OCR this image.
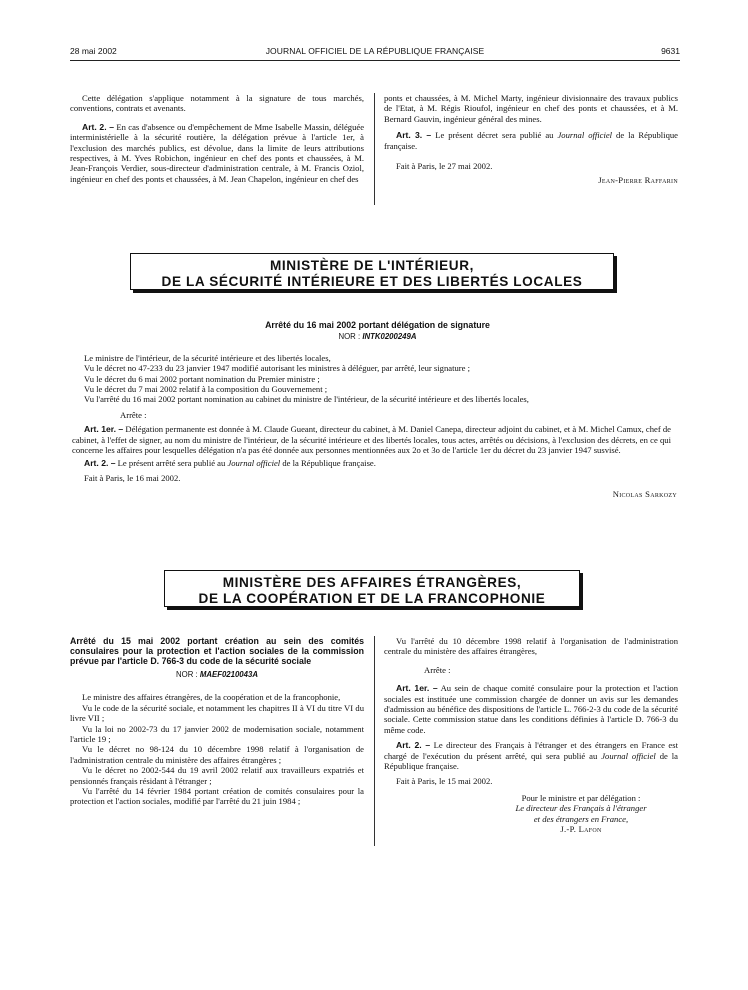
28 mai 2002	JOURNAL OFFICIEL DE LA RÉPUBLIQUE FRANÇAISE	9631

Cette délégation s'applique notamment à la signature de tous marchés, conventions, contrats et avenants.

Art. 2. – En cas d'absence ou d'empêchement de Mme Isabelle Massin, déléguée interministérielle à la sécurité routière, la délégation prévue à l'article 1er, à l'exclusion des marchés publics, est dévolue, dans la limite de leurs attributions respectives, à M. Yves Robichon, ingénieur en chef des ponts et chaussées, à M. Jean-François Verdier, sous-directeur d'administration centrale, à M. Francis Oziol, ingénieur en chef des ponts et chaussées, à M. Jean Chapelon, ingénieur en chef des

ponts et chaussées, à M. Michel Marty, ingénieur divisionnaire des travaux publics de l'Etat, à M. Régis Rioufol, ingénieur en chef des ponts et chaussées, et à M. Bernard Gauvin, ingénieur général des mines.

Art. 3. – Le présent décret sera publié au Journal officiel de la République française.

Fait à Paris, le 27 mai 2002.

Jean-Pierre Raffarin

MINISTÈRE DE L'INTÉRIEUR,
DE LA SÉCURITÉ INTÉRIEURE ET DES LIBERTÉS LOCALES

Arrêté du 16 mai 2002 portant délégation de signature

NOR : INTK0200249A

Le ministre de l'intérieur, de la sécurité intérieure et des libertés locales,

Vu le décret no 47-233 du 23 janvier 1947 modifié autorisant les ministres à déléguer, par arrêté, leur signature ;

Vu le décret du 6 mai 2002 portant nomination du Premier ministre ;

Vu le décret du 7 mai 2002 relatif à la composition du Gouvernement ;

Vu l'arrêté du 16 mai 2002 portant nomination au cabinet du ministre de l'intérieur, de la sécurité intérieure et des libertés locales,

Arrête :

Art. 1er. – Délégation permanente est donnée à M. Claude Gueant, directeur du cabinet, à M. Daniel Canepa, directeur adjoint du cabinet, et à M. Michel Camux, chef de cabinet, à l'effet de signer, au nom du ministre de l'intérieur, de la sécurité intérieure et des libertés locales, tous actes, arrêtés ou décisions, à l'exclusion des décrets, en ce qui concerne les affaires pour lesquelles délégation n'a pas été donnée aux personnes mentionnées aux 2o et 3o de l'article 1er du décret du 23 janvier 1947 susvisé.

Art. 2. – Le présent arrêté sera publié au Journal officiel de la République française.

Fait à Paris, le 16 mai 2002.

Nicolas Sarkozy

MINISTÈRE DES AFFAIRES ÉTRANGÈRES,
DE LA COOPÉRATION ET DE LA FRANCOPHONIE

Arrêté du 15 mai 2002 portant création au sein des comités consulaires pour la protection et l'action sociales de la commission prévue par l'article D. 766-3 du code de la sécurité sociale

NOR : MAEF0210043A

Le ministre des affaires étrangères, de la coopération et de la francophonie,

Vu le code de la sécurité sociale, et notamment les chapitres II à VI du titre VI du livre VII ;

Vu la loi no 2002-73 du 17 janvier 2002 de modernisation sociale, notamment l'article 19 ;

Vu le décret no 98-124 du 10 décembre 1998 relatif à l'organisation de l'administration centrale du ministère des affaires étrangères ;

Vu le décret no 2002-544 du 19 avril 2002 relatif aux travailleurs expatriés et pensionnés français résidant à l'étranger ;

Vu l'arrêté du 14 février 1984 portant création de comités consulaires pour la protection et l'action sociales, modifié par l'arrêté du 21 juin 1984 ;

Vu l'arrêté du 10 décembre 1998 relatif à l'organisation de l'administration centrale du ministère des affaires étrangères,

Arrête :

Art. 1er. – Au sein de chaque comité consulaire pour la protection et l'action sociales est instituée une commission chargée de donner un avis sur les demandes d'admission au bénéfice des dispositions de l'article L. 766-2-3 du code de la sécurité sociale. Cette commission statue dans les conditions définies à l'article D. 766-3 du même code.

Art. 2. – Le directeur des Français à l'étranger et des étrangers en France est chargé de l'exécution du présent arrêté, qui sera publié au Journal officiel de la République française.

Fait à Paris, le 15 mai 2002.

Pour le ministre et par délégation :

Le directeur des Français à l'étranger

et des étrangers en France,

J.-P. Lafon
